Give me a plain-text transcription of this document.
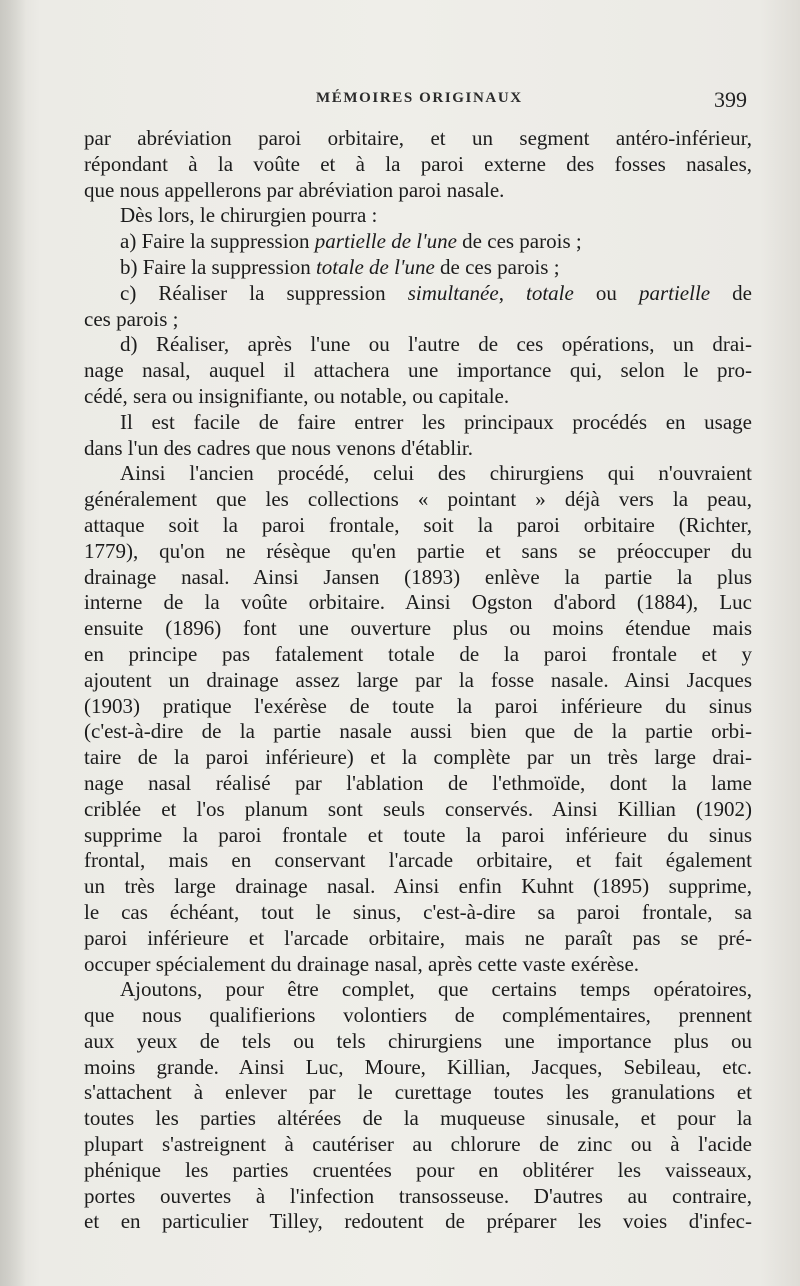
MÉMOIRES ORIGINAUX	399
par abréviation paroi orbitaire, et un segment antéro-inférieur,
répondant à la voûte et à la paroi externe des fosses nasales,
que nous appellerons par abréviation paroi nasale.
Dès lors, le chirurgien pourra :
a) Faire la suppression partielle de l'une de ces parois ;
b) Faire la suppression totale de l'une de ces parois ;
c) Réaliser la suppression simultanée, totale ou partielle de
ces parois ;
d) Réaliser, après l'une ou l'autre de ces opérations, un drai-
nage nasal, auquel il attachera une importance qui, selon le pro-
cédé, sera ou insignifiante, ou notable, ou capitale.
Il est facile de faire entrer les principaux procédés en usage
dans l'un des cadres que nous venons d'établir.
Ainsi l'ancien procédé, celui des chirurgiens qui n'ouvraient
généralement que les collections « pointant » déjà vers la peau,
attaque soit la paroi frontale, soit la paroi orbitaire (Richter,
1779), qu'on ne résèque qu'en partie et sans se préoccuper du
drainage nasal. Ainsi Jansen (1893) enlève la partie la plus
interne de la voûte orbitaire. Ainsi Ogston d'abord (1884), Luc
ensuite (1896) font une ouverture plus ou moins étendue mais
en principe pas fatalement totale de la paroi frontale et y
ajoutent un drainage assez large par la fosse nasale. Ainsi Jacques
(1903) pratique l'exérèse de toute la paroi inférieure du sinus
(c'est-à-dire de la partie nasale aussi bien que de la partie orbi-
taire de la paroi inférieure) et la complète par un très large drai-
nage nasal réalisé par l'ablation de l'ethmoïde, dont la lame
criblée et l'os planum sont seuls conservés. Ainsi Killian (1902)
supprime la paroi frontale et toute la paroi inférieure du sinus
frontal, mais en conservant l'arcade orbitaire, et fait également
un très large drainage nasal. Ainsi enfin Kuhnt (1895) supprime,
le cas échéant, tout le sinus, c'est-à-dire sa paroi frontale, sa
paroi inférieure et l'arcade orbitaire, mais ne paraît pas se pré-
occuper spécialement du drainage nasal, après cette vaste exérèse.
Ajoutons, pour être complet, que certains temps opératoires,
que nous qualifierions volontiers de complémentaires, prennent
aux yeux de tels ou tels chirurgiens une importance plus ou
moins grande. Ainsi Luc, Moure, Killian, Jacques, Sebileau, etc.
s'attachent à enlever par le curettage toutes les granulations et
toutes les parties altérées de la muqueuse sinusale, et pour la
plupart s'astreignent à cautériser au chlorure de zinc ou à l'acide
phénique les parties cruentées pour en oblitérer les vaisseaux,
portes ouvertes à l'infection transosseuse. D'autres au contraire,
et en particulier Tilley, redoutent de préparer les voies d'infec-
